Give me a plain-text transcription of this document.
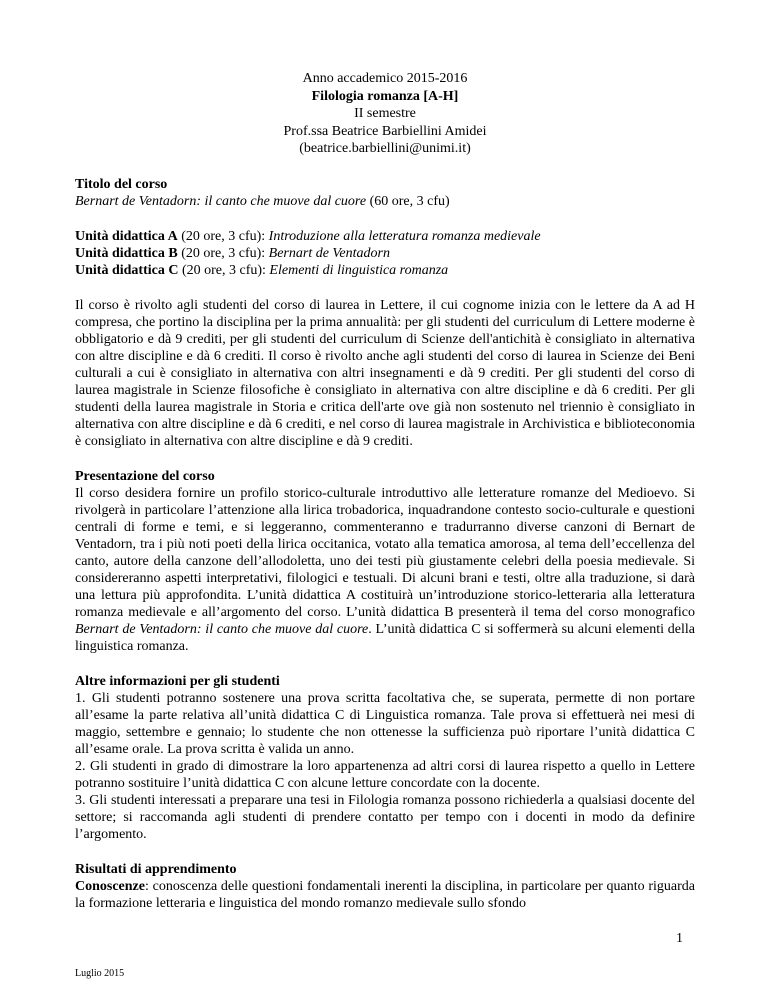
Anno accademico 2015-2016
Filologia romanza [A-H]
II semestre
Prof.ssa Beatrice Barbiellini Amidei
(beatrice.barbiellini@unimi.it)
Titolo del corso
Bernart de Ventadorn: il canto che muove dal cuore (60 ore, 3 cfu)
Unità didattica A (20 ore, 3 cfu): Introduzione alla letteratura romanza medievale
Unità didattica B (20 ore, 3 cfu): Bernart de Ventadorn
Unità didattica C (20 ore, 3 cfu): Elementi di linguistica romanza

Il corso è rivolto agli studenti del corso di laurea in Lettere, il cui cognome inizia con le lettere da A ad H compresa, che portino la disciplina per la prima annualità: per gli studenti del curriculum di Lettere moderne è obbligatorio e dà 9 crediti, per gli studenti del curriculum di Scienze dell'antichità è consigliato in alternativa con altre discipline e dà 6 crediti. Il corso è rivolto anche agli studenti del corso di laurea in Scienze dei Beni culturali a cui è consigliato in alternativa con altri insegnamenti e dà 9 crediti. Per gli studenti del corso di laurea magistrale in Scienze filosofiche è consigliato in alternativa con altre discipline e dà 6 crediti. Per gli studenti della laurea magistrale in Storia e critica dell'arte ove già non sostenuto nel triennio è consigliato in alternativa con altre discipline e dà 6 crediti, e nel corso di laurea magistrale in Archivistica e biblioteconomia è consigliato in alternativa con altre discipline e dà 9 crediti.

Presentazione del corso

Il corso desidera fornire un profilo storico-culturale introduttivo alle letterature romanze del Medioevo. Si rivolgerà in particolare l’attenzione alla lirica trobadorica, inquadrandone contesto socio-culturale e questioni centrali di forme e temi, e si leggeranno, commenteranno e tradurranno diverse canzoni di Bernart de Ventadorn, tra i più noti poeti della lirica occitanica, votato alla tematica amorosa, al tema dell’eccellenza del canto, autore della canzone dell’allodoletta, uno dei testi più giustamente celebri della poesia medievale. Si considereranno aspetti interpretativi, filologici e testuali. Di alcuni brani e testi, oltre alla traduzione, si darà una lettura più approfondita. L’unità didattica A costituirà un’introduzione storico-letteraria alla letteratura romanza medievale e all’argomento del corso. L’unità didattica B presenterà il tema del corso monografico Bernart de Ventadorn: il canto che muove dal cuore. L’unità didattica C si soffermerà su alcuni elementi della linguistica romanza.

Altre informazioni per gli studenti

1. Gli studenti potranno sostenere una prova scritta facoltativa che, se superata, permette di non portare all’esame la parte relativa all’unità didattica C di Linguistica romanza. Tale prova si effettuerà nei mesi di maggio, settembre e gennaio; lo studente che non ottenesse la sufficienza può riportare l’unità didattica C all’esame orale. La prova scritta è valida un anno.

2. Gli studenti in grado di dimostrare la loro appartenenza ad altri corsi di laurea rispetto a quello in Lettere potranno sostituire l’unità didattica C con alcune letture concordate con la docente.

3. Gli studenti interessati a preparare una tesi in Filologia romanza possono richiederla a qualsiasi docente del settore; si raccomanda agli studenti di prendere contatto per tempo con i docenti in modo da definire l’argomento.

Risultati di apprendimento

Conoscenze: conoscenza delle questioni fondamentali inerenti la disciplina, in particolare per quanto riguarda la formazione letteraria e linguistica del mondo romanzo medievale sullo sfondo

1
Luglio 2015
